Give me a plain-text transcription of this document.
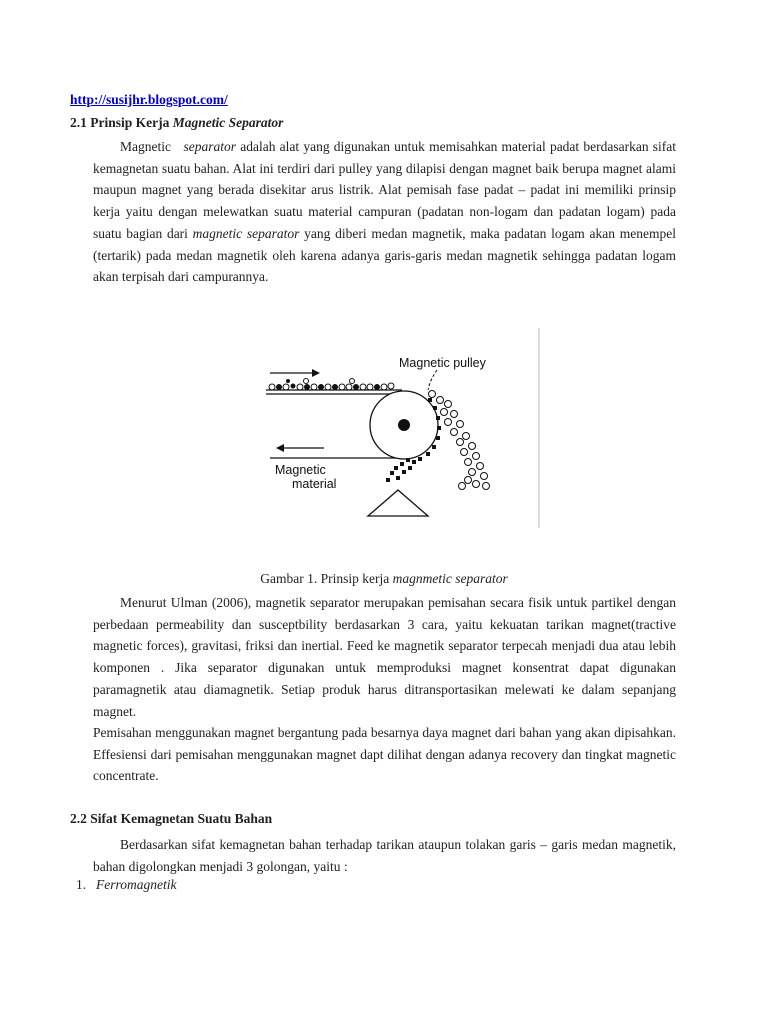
http://susijhr.blogspot.com/
2.1 Prinsip Kerja Magnetic Separator
Magnetic separator adalah alat yang digunakan untuk memisahkan material padat berdasarkan sifat kemagnetan suatu bahan. Alat ini terdiri dari pulley yang dilapisi dengan magnet baik berupa magnet alami maupun magnet yang berada disekitar arus listrik. Alat pemisah fase padat – padat ini memiliki prinsip kerja yaitu dengan melewatkan suatu material campuran (padatan non-logam dan padatan logam) pada suatu bagian dari magnetic separator yang diberi medan magnetik, maka padatan logam akan menempel (tertarik) pada medan magnetik oleh karena adanya garis-garis medan magnetik sehingga padatan logam akan terpisah dari campurannya.
Magnetic pulley
Magnetic
material
Gambar 1. Prinsip kerja magnmetic separator
Menurut Ulman (2006), magnetik separator merupakan pemisahan secara fisik untuk partikel dengan perbedaan permeability dan susceptbility berdasarkan 3 cara, yaitu kekuatan tarikan magnet(tractive magnetic forces), gravitasi, friksi dan inertial. Feed ke magnetik separator terpecah menjadi dua atau lebih komponen . Jika separator digunakan untuk memproduksi magnet konsentrat dapat digunakan paramagnetik atau diamagnetik. Setiap produk harus ditransportasikan melewati ke dalam sepanjang magnet.
Pemisahan menggunakan magnet bergantung pada besarnya daya magnet dari bahan yang akan dipisahkan. Effesiensi dari pemisahan menggunakan magnet dapt dilihat dengan adanya recovery dan tingkat magnetic concentrate.
2.2 Sifat Kemagnetan Suatu Bahan
Berdasarkan sifat kemagnetan bahan terhadap tarikan ataupun tolakan garis – garis medan magnetik, bahan digolongkan menjadi 3 golongan, yaitu :
1. Ferromagnetik
